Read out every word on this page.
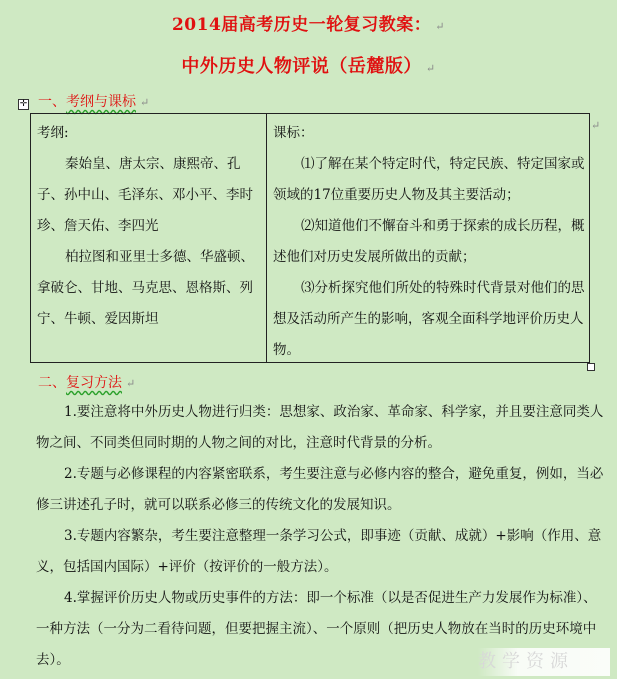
2014届高考历史一轮复习教案： ↵
中外历史人物评说（岳麓版） ↵
一、考纲与课标 ↵
✛
考纲:
秦始皇、唐太宗、康熙帝、孔子、孙中山、毛泽东、邓小平、李时珍、詹天佑、李四光
柏拉图和亚里士多德、华盛顿、拿破仑、甘地、马克思、恩格斯、列宁、牛顿、爱因斯坦
课标：
⑴了解在某个特定时代，特定民族、特定国家或领域的17位重要历史人物及其主要活动；
⑵知道他们不懈奋斗和勇于探索的成长历程，概述他们对历史发展所做出的贡献；
⑶分析探究他们所处的特殊时代背景对他们的思想及活动所产生的影响，客观全面科学地评价历史人物。
↵
二、复习方法 ↵

1.要注意将中外历史人物进行归类：思想家、政治家、革命家、科学家，并且要注意同类人物之间、不同类但同时期的人物之间的对比，注意时代背景的分析。

2.专题与必修课程的内容紧密联系，考生要注意与必修内容的整合，避免重复，例如，当必修三讲述孔子时，就可以联系必修三的传统文化的发展知识。

3.专题内容繁杂，考生要注意整理一条学习公式，即事迹（贡献、成就）+影响（作用、意义，包括国内国际）+评价（按评价的一般方法）。

4.掌握评价历史人物或历史事件的方法：即一个标准（以是否促进生产力发展作为标准）、一种方法（一分为二看待问题，但要把握主流）、一个原则（把历史人物放在当时的历史环境中去）。	教学资源
